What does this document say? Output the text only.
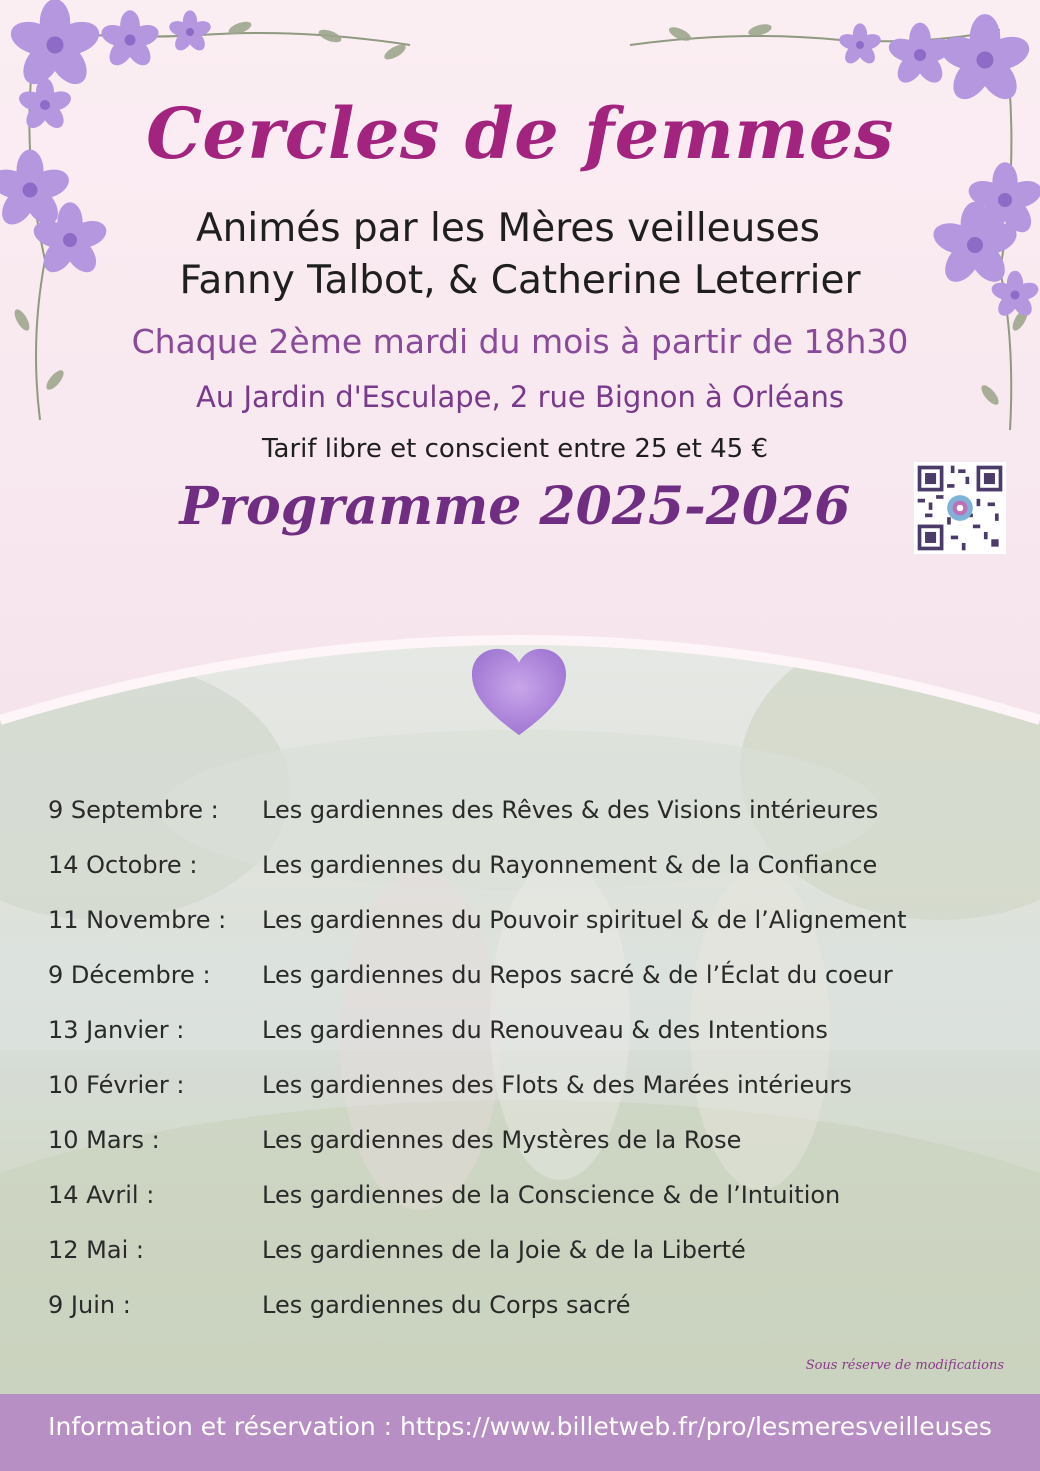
Cercles de femmes

Animés par les Mères veilleuses

Fanny Talbot, & Catherine Leterrier

Chaque 2ème mardi du mois à partir de 18h30

Au Jardin d'Esculape, 2 rue Bignon à Orléans

Tarif libre et conscient entre 25 et 45 €

Programme 2025-2026
9 Septembre :	Les gardiennes des Rêves & des Visions intérieures
14 Octobre :	Les gardiennes du Rayonnement & de la Confiance
11 Novembre :	Les gardiennes du Pouvoir spirituel & de l’Alignement
9 Décembre :	Les gardiennes du Repos sacré & de l’Éclat du coeur
13 Janvier :	Les gardiennes du Renouveau & des Intentions
10 Février :	Les gardiennes des Flots & des Marées intérieurs
10 Mars :	Les gardiennes des Mystères de la Rose
14 Avril :	Les gardiennes de la Conscience & de l’Intuition
12 Mai :	Les gardiennes de la Joie & de la Liberté
9 Juin :	Les gardiennes du Corps sacré
Sous réserve de modifications
Information et réservation : https://www.billetweb.fr/pro/lesmeresveilleuses
